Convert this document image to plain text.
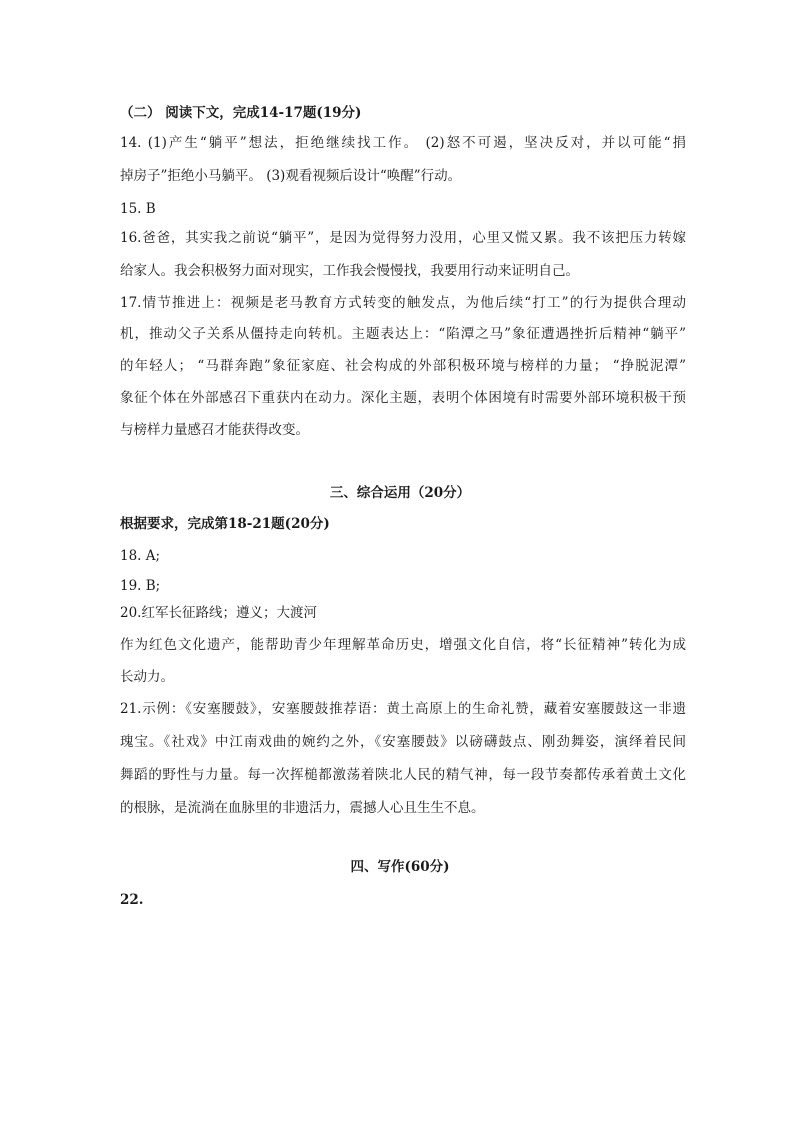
（二） 阅读下文，完成14-17题(19分)
14. (1)产生“躺平”想法，拒绝继续找工作。 (2)怒不可遏，坚决反对，并以可能“捐
掉房子”拒绝小马躺平。 (3)观看视频后设计“唤醒”行动。
15. B
16.爸爸，其实我之前说“躺平”，是因为觉得努力没用，心里又慌又累。我不该把压力转嫁
给家人。我会积极努力面对现实，工作我会慢慢找，我要用行动来证明自己。
17.情节推进上：视频是老马教育方式转变的触发点，为他后续“打工”的行为提供合理动
机，推动父子关系从僵持走向转机。主题表达上：“陷潭之马”象征遭遇挫折后精神“躺平”
的年轻人； “马群奔跑”象征家庭、社会构成的外部积极环境与榜样的力量； “挣脱泥潭”
象征个体在外部感召下重获内在动力。深化主题，表明个体困境有时需要外部环境积极干预
与榜样力量感召才能获得改变。
三、综合运用（20分）
根据要求，完成第18-21题(20分)
18. A;
19. B;
20.红军长征路线；遵义；大渡河
作为红色文化遗产，能帮助青少年理解革命历史，增强文化自信，将“长征精神”转化为成
长动力。
21.示例：《安塞腰鼓》，安塞腰鼓推荐语：黄土高原上的生命礼赞，藏着安塞腰鼓这一非遗
瑰宝。《社戏》中江南戏曲的婉约之外，《安塞腰鼓》以磅礴鼓点、刚劲舞姿，演绎着民间
舞蹈的野性与力量。每一次挥槌都激荡着陕北人民的精气神，每一段节奏都传承着黄土文化
的根脉，是流淌在血脉里的非遗活力，震撼人心且生生不息。
四、写作(60分)
22.
